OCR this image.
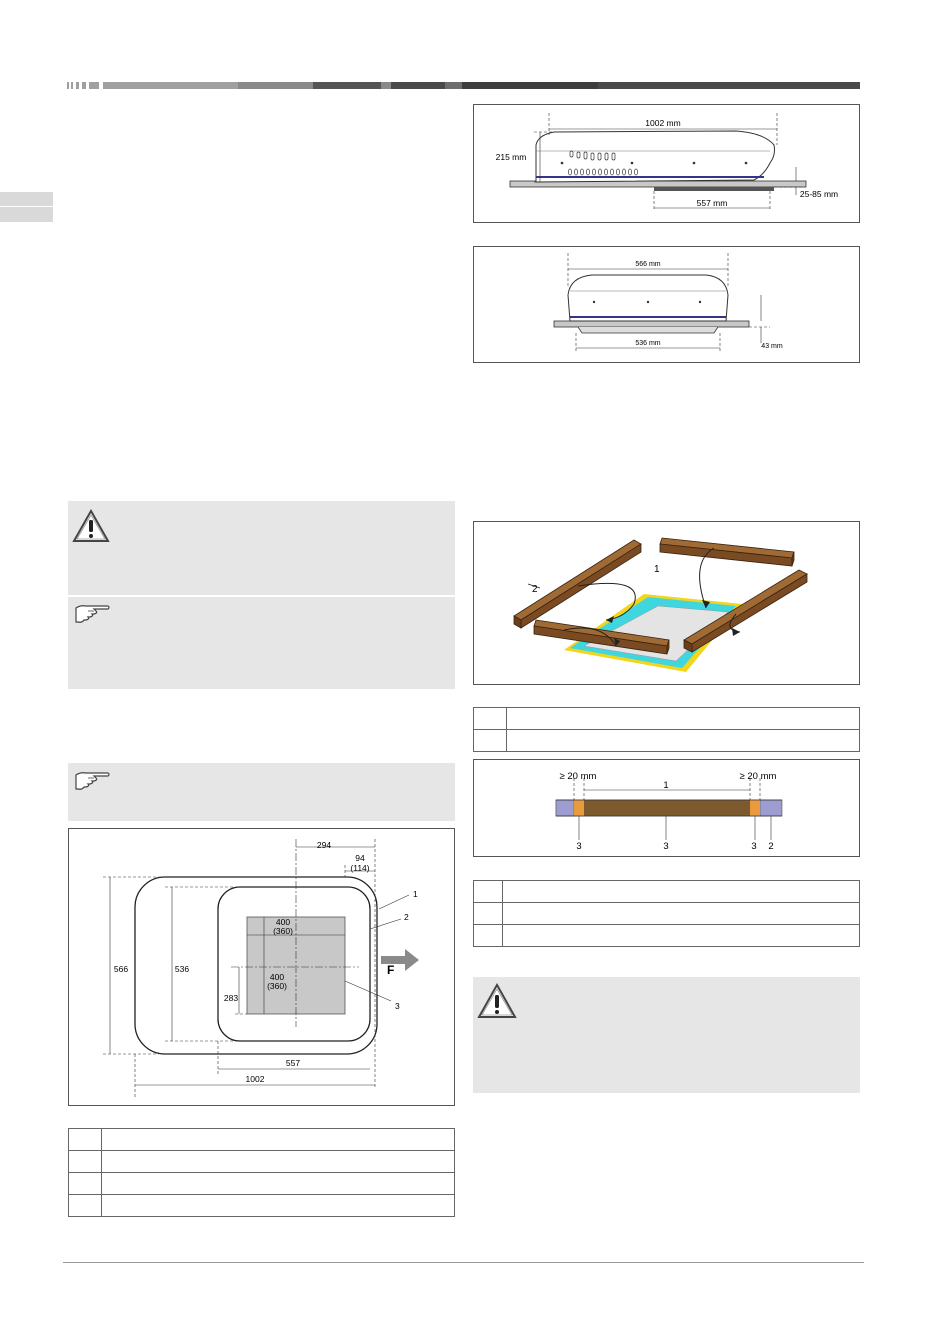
1002 mm
215 mm
25-85 mm
557 mm
566 mm
536 mm	43 mm
294
94
(114)
400
(360)
400
(360)
566	536
283
557
1002
1
2
3
F

1
2

≥ 20 mm	≥ 20 mm
1
3	3	3 2
